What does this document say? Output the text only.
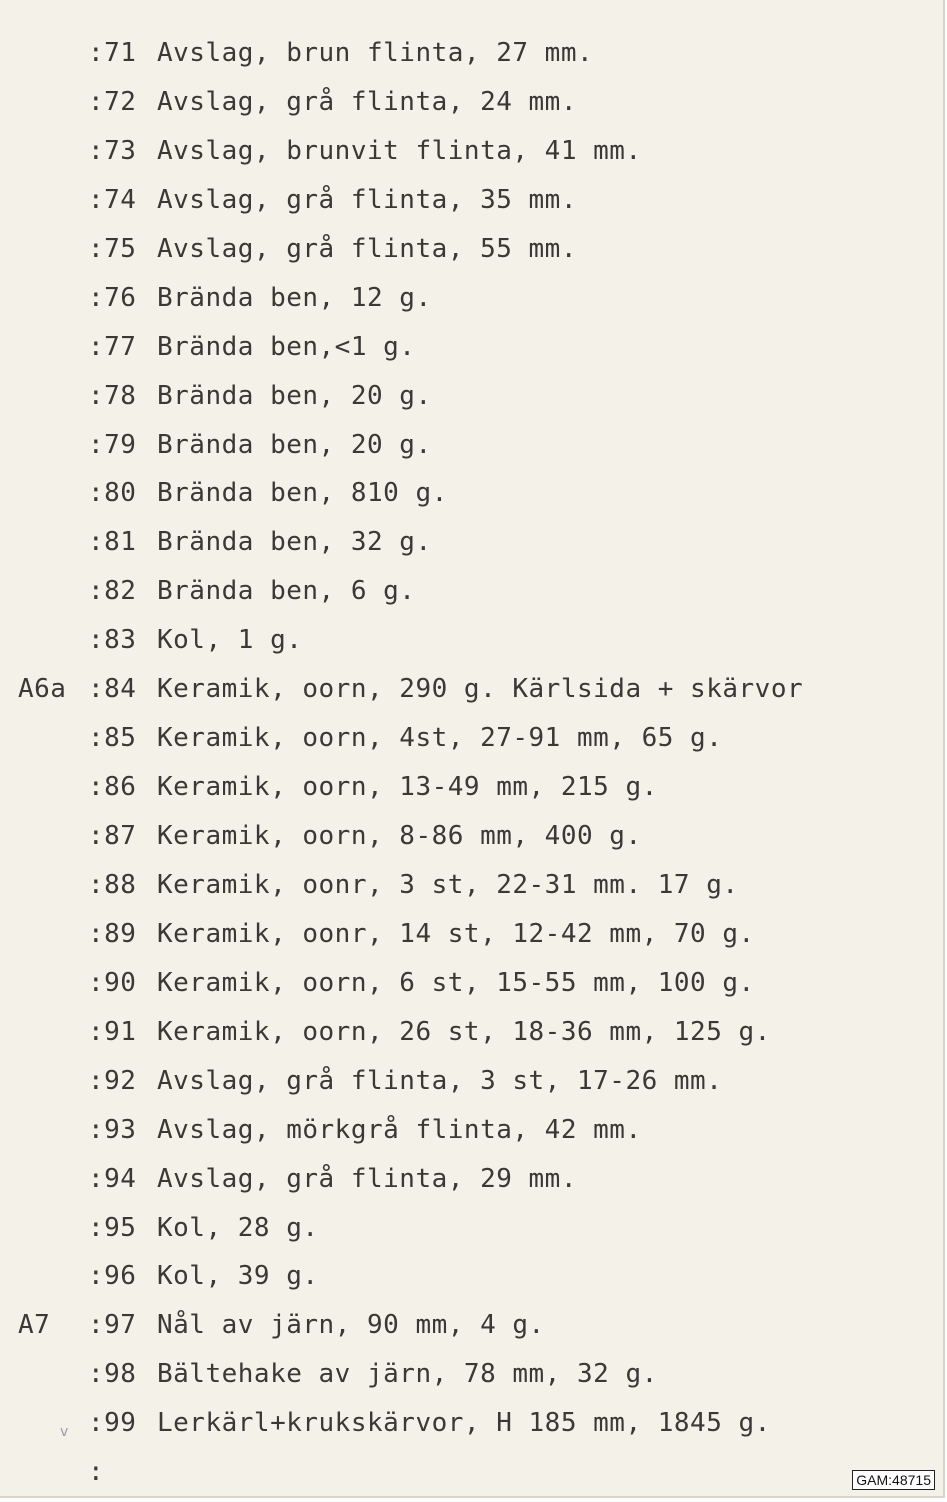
:71 Avslag, brun flinta, 27 mm.
:72 Avslag, grå flinta, 24 mm.
:73 Avslag, brunvit flinta, 41 mm.
:74 Avslag, grå flinta, 35 mm.
:75 Avslag, grå flinta, 55 mm.
:76 Brända ben, 12 g.
:77 Brända ben,<1 g.
:78 Brända ben, 20 g.
:79 Brända ben, 20 g.
:80 Brända ben, 810 g.
:81 Brända ben, 32 g.
:82 Brända ben, 6 g.
:83 Kol, 1 g.
A6a :84 Keramik, oorn, 290 g. Kärlsida + skärvor
:85 Keramik, oorn, 4st, 27-91 mm, 65 g.
:86 Keramik, oorn, 13-49 mm, 215 g.
:87 Keramik, oorn, 8-86 mm, 400 g.
:88 Keramik, oonr, 3 st, 22-31 mm. 17 g.
:89 Keramik, oonr, 14 st, 12-42 mm, 70 g.
:90 Keramik, oorn, 6 st, 15-55 mm, 100 g.
:91 Keramik, oorn, 26 st, 18-36 mm, 125 g.
:92 Avslag, grå flinta, 3 st, 17-26 mm.
:93 Avslag, mörkgrå flinta, 42 mm.
:94 Avslag, grå flinta, 29 mm.
:95 Kol, 28 g.
:96 Kol, 39 g.
A7 :97 Nål av järn, 90 mm, 4 g.
:98 Bältehake av järn, 78 mm, 32 g.
:99 Lerkärl+krukskärvor, H 185 mm, 1845 g.
:
v
GAM:48715
